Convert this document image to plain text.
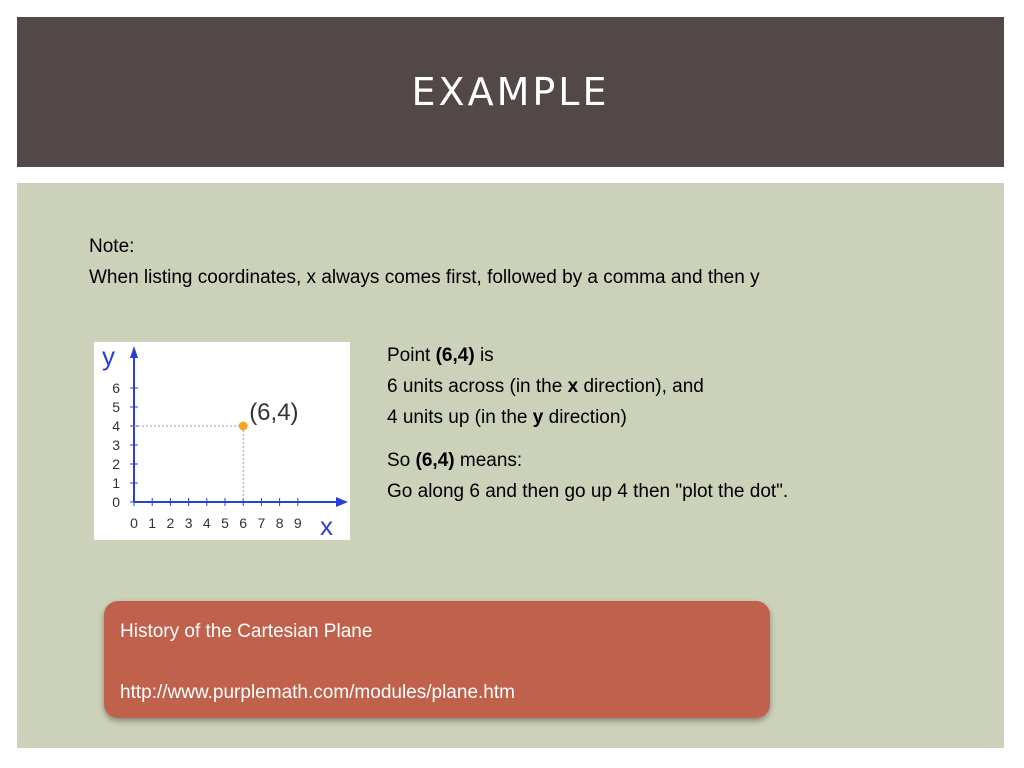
EXAMPLE
Note:
When listing coordinates, x always comes first, followed by a comma and then y
x
y
0 1 2 3 4 5 6 7 8 9
0
1
2
3
4
5
6
(6,4)

Point (6,4) is
6 units across (in the x direction), and
4 units up (in the y direction)

So (6,4) means:
Go along 6 and then go up 4 then "plot the dot".

History of the Cartesian Plane
http://www.purplemath.com/modules/plane.htm
